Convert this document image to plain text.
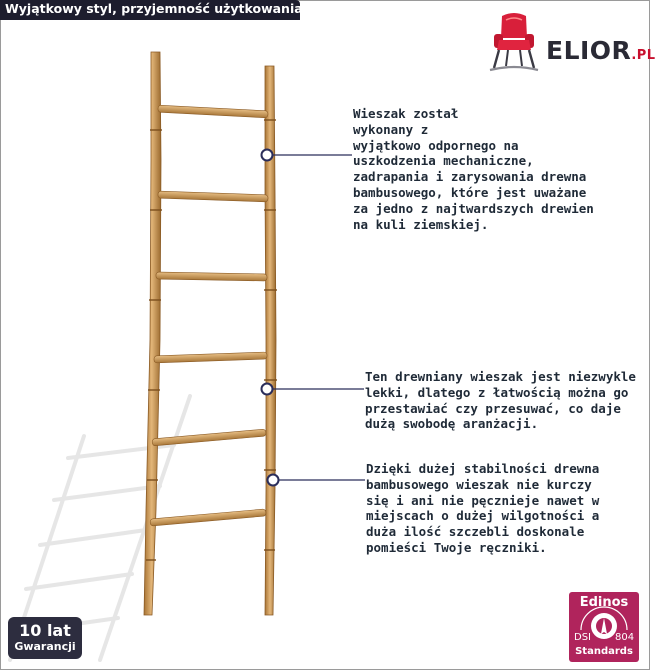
Wyjątkowy styl, przyjemność użytkowania!
ELIOR.PL
Wieszak został
wykonany z
wyjątkowo odpornego na
uszkodzenia mechaniczne,
zadrapania i zarysowania drewna
bambusowego, które jest uważane
za jedno z najtwardszych drewien
na kuli ziemskiej.
Ten drewniany wieszak jest niezwykle
lekki, dlatego z łatwością można go
przestawiać czy przesuwać, co daje
dużą swobodę aranżacji.
Dzięki dużej stabilności drewna
bambusowego wieszak nie kurczy
się i ani nie pęcznieje nawet w
miejscach o dużej wilgotności a
duża ilość szczebli doskonale
pomieści Twoje ręczniki.
10 lat
Gwarancji
Edinos
DSI 804
Standards
